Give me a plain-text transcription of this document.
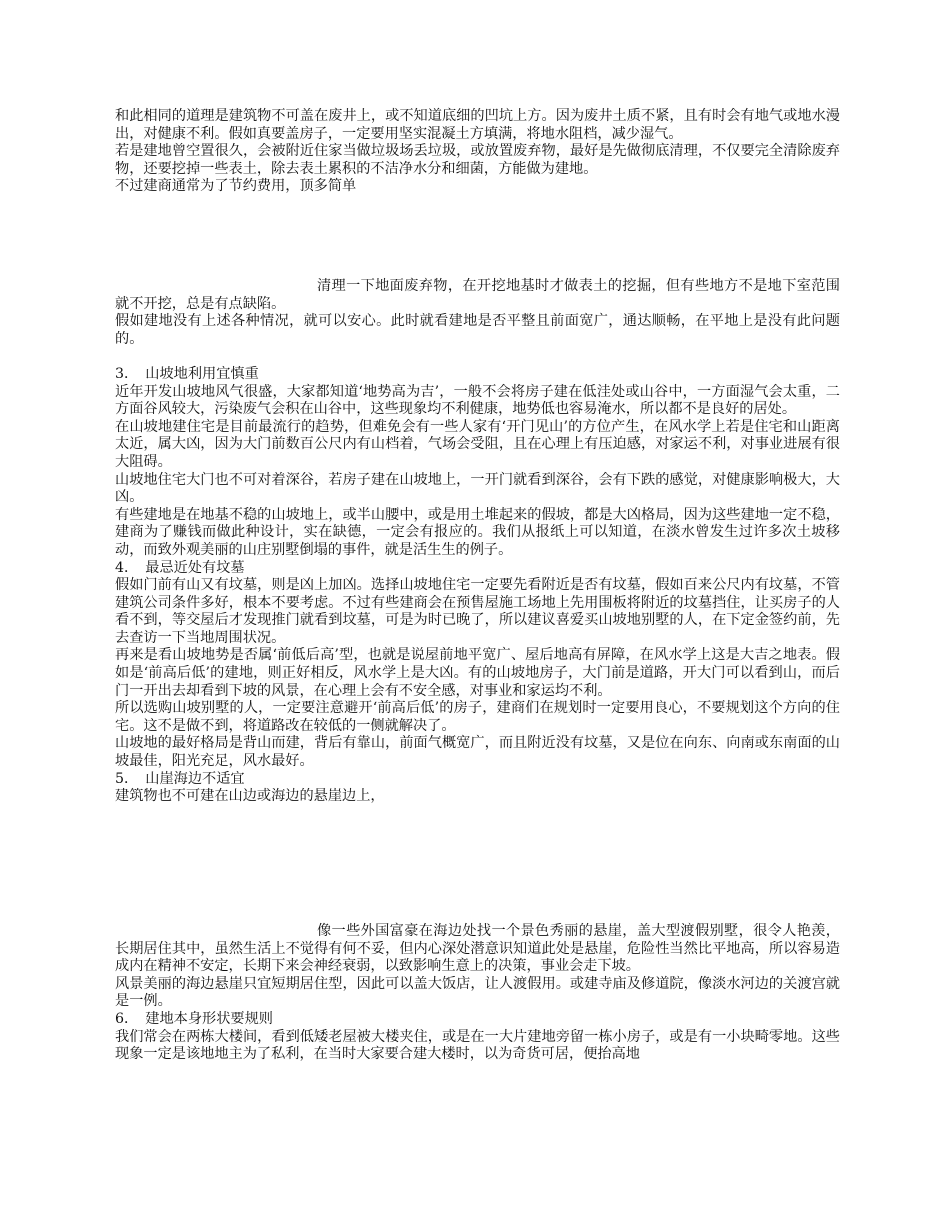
和此相同的道理是建筑物不可盖在废井上，或不知道底细的凹坑上方。因为废井土质不紧，且有时会有地气或地水漫出，对健康不利。假如真要盖房子，一定要用坚实混凝土方填满，将地水阻档，减少湿气。

若是建地曾空置很久，会被附近住家当做垃圾场丢垃圾，或放置废弃物，最好是先做彻底清理，不仅要完全清除废弃物，还要挖掉一些表土，除去表土累积的不洁净水分和细菌，方能做为建地。

不过建商通常为了节约费用，顶多简单

清理一下地面废弃物，在开挖地基时才做表土的挖掘，但有些地方不是地下室范围就不开挖，总是有点缺陷。

假如建地没有上述各种情况，就可以安心。此时就看建地是否平整且前面宽广，通达顺畅，在平地上是没有此问题的。

3．　山坡地利用宜慎重

近年开发山坡地风气很盛，大家都知道‘地势高为吉’，一般不会将房子建在低洼处或山谷中，一方面湿气会太重，二方面谷风较大，污染废气会积在山谷中，这些现象均不利健康，地势低也容易淹水，所以都不是良好的居处。

在山坡地建住宅是目前最流行的趋势，但难免会有一些人家有‘开门见山’的方位产生，在风水学上若是住宅和山距离太近，属大凶，因为大门前数百公尺内有山档着，气场会受阻，且在心理上有压迫感，对家运不利，对事业进展有很大阻碍。

山坡地住宅大门也不可对着深谷，若房子建在山坡地上，一开门就看到深谷，会有下跌的感觉，对健康影响极大，大凶。

有些建地是在地基不稳的山坡地上，或半山腰中，或是用土堆起来的假坡，都是大凶格局，因为这些建地一定不稳，建商为了赚钱而做此种设计，实在缺德，一定会有报应的。我们从报纸上可以知道，在淡水曾发生过许多次土坡移动，而致外观美丽的山庄别墅倒塌的事件，就是活生生的例子。

4．　最忌近处有坟墓

假如门前有山又有坟墓，则是凶上加凶。选择山坡地住宅一定要先看附近是否有坟墓，假如百来公尺内有坟墓，不管建筑公司条件多好，根本不要考虑。不过有些建商会在预售屋施工场地上先用围板将附近的坟墓挡住，让买房子的人看不到，等交屋后才发现推门就看到坟墓，可是为时已晚了，所以建议喜爱买山坡地别墅的人，在下定金签约前，先去查访一下当地周围状况。

再来是看山坡地势是否属‘前低后高’型，也就是说屋前地平宽广、屋后地高有屏障，在风水学上这是大吉之地表。假如是‘前高后低’的建地，则正好相反，风水学上是大凶。有的山坡地房子，大门前是道路，开大门可以看到山，而后门一开出去却看到下坡的风景，在心理上会有不安全感，对事业和家运均不利。

所以选购山坡别墅的人，一定要注意避开‘前高后低’的房子，建商们在规划时一定要用良心，不要规划这个方向的住宅。这不是做不到，将道路改在较低的一侧就解决了。

山坡地的最好格局是背山而建，背后有靠山，前面气概宽广，而且附近没有坟墓，又是位在向东、向南或东南面的山坡最佳，阳光充足，风水最好。

5．　山崖海边不适宜

建筑物也不可建在山边或海边的悬崖边上，

像一些外国富豪在海边处找一个景色秀丽的悬崖，盖大型渡假别墅，很令人艳羡，长期居住其中，虽然生活上不觉得有何不妥，但内心深处潜意识知道此处是悬崖，危险性当然比平地高，所以容易造成内在精神不安定，长期下来会神经衰弱，以致影响生意上的决策，事业会走下坡。

风景美丽的海边悬崖只宜短期居住型，因此可以盖大饭店，让人渡假用。或建寺庙及修道院，像淡水河边的关渡宫就是一例。

6．　建地本身形状要规则

我们常会在两栋大楼间，看到低矮老屋被大楼夹住，或是在一大片建地旁留一栋小房子，或是有一小块畸零地。这些现象一定是该地地主为了私利，在当时大家要合建大楼时，以为奇货可居，便抬高地
